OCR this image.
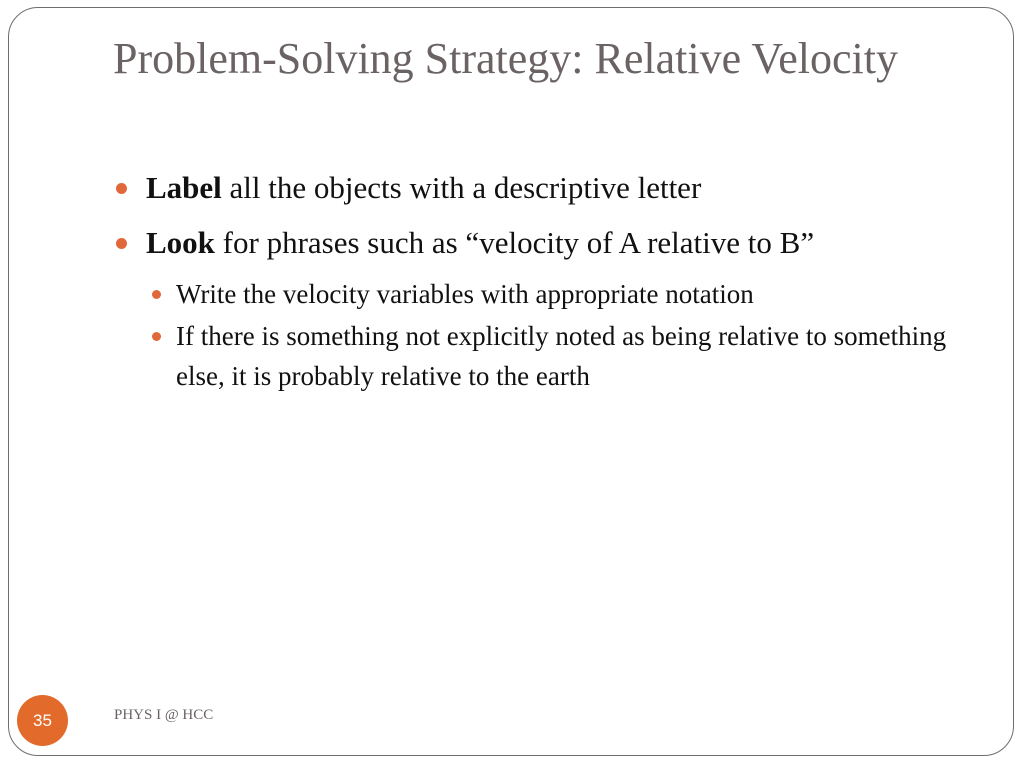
Problem-Solving Strategy: Relative Velocity
Label all the objects with a descriptive letter
Look for phrases such as “velocity of A relative to B”
Write the velocity variables with appropriate notation
If there is something not explicitly noted as being relative to something else, it is probably relative to the earth
35	PHYS I @ HCC
